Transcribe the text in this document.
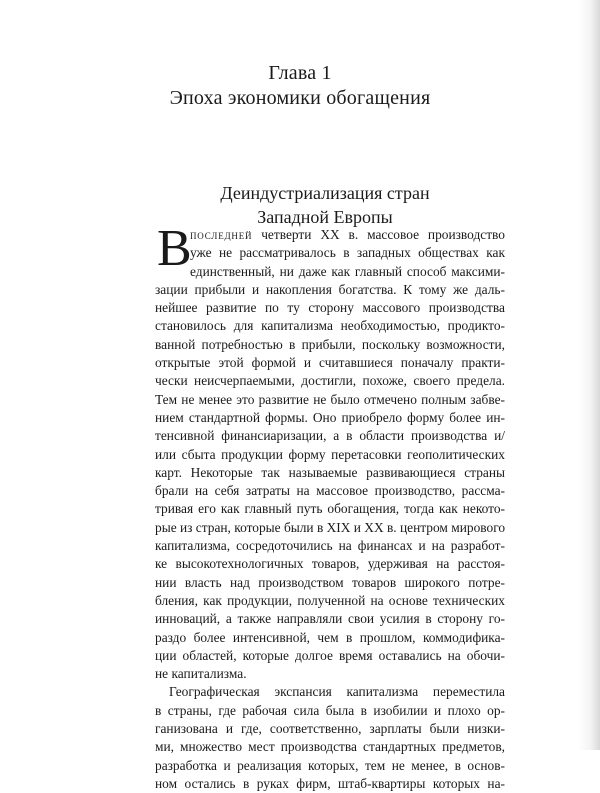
Глава 1
Эпоха экономики обогащения
Деиндустриализация стран
Западной Европы
В
последней четверти XX в. массовое производство
уже не рассматривалось в западных обществах как
единственный, ни даже как главный способ максими-
зации прибыли и накопления богатства. К тому же даль-
нейшее развитие по ту сторону массового производства
становилось для капитализма необходимостью, продикто-
ванной потребностью в прибыли, поскольку возможности,
открытые этой формой и считавшиеся поначалу практи-
чески неисчерпаемыми, достигли, похоже, своего предела.
Тем не менее это развитие не было отмечено полным забве-
нием стандартной формы. Оно приобрело форму более ин-
тенсивной финансиаризации, а в области производства и/
или сбыта продукции форму перетасовки геополитических
карт. Некоторые так называемые развивающиеся страны
брали на себя затраты на массовое производство, рассма-
тривая его как главный путь обогащения, тогда как некото-
рые из стран, которые были в XIX и XX в. центром мирового
капитализма, сосредоточились на финансах и на разработ-
ке высокотехнологичных товаров, удерживая на расстоя-
нии власть над производством товаров широкого потре-
бления, как продукции, полученной на основе технических
инноваций, а также направляли свои усилия в сторону го-
раздо более интенсивной, чем в прошлом, коммодифика-
ции областей, которые долгое время оставались на обочи-
не капитализма.
Географическая экспансия капитализма переместила
в страны, где рабочая сила была в изобилии и плохо ор-
ганизована и где, соответственно, зарплаты были низки-
ми, множество мест производства стандартных предметов,
разработка и реализация которых, тем не менее, в основ-
ном остались в руках фирм, штаб-квартиры которых на-
